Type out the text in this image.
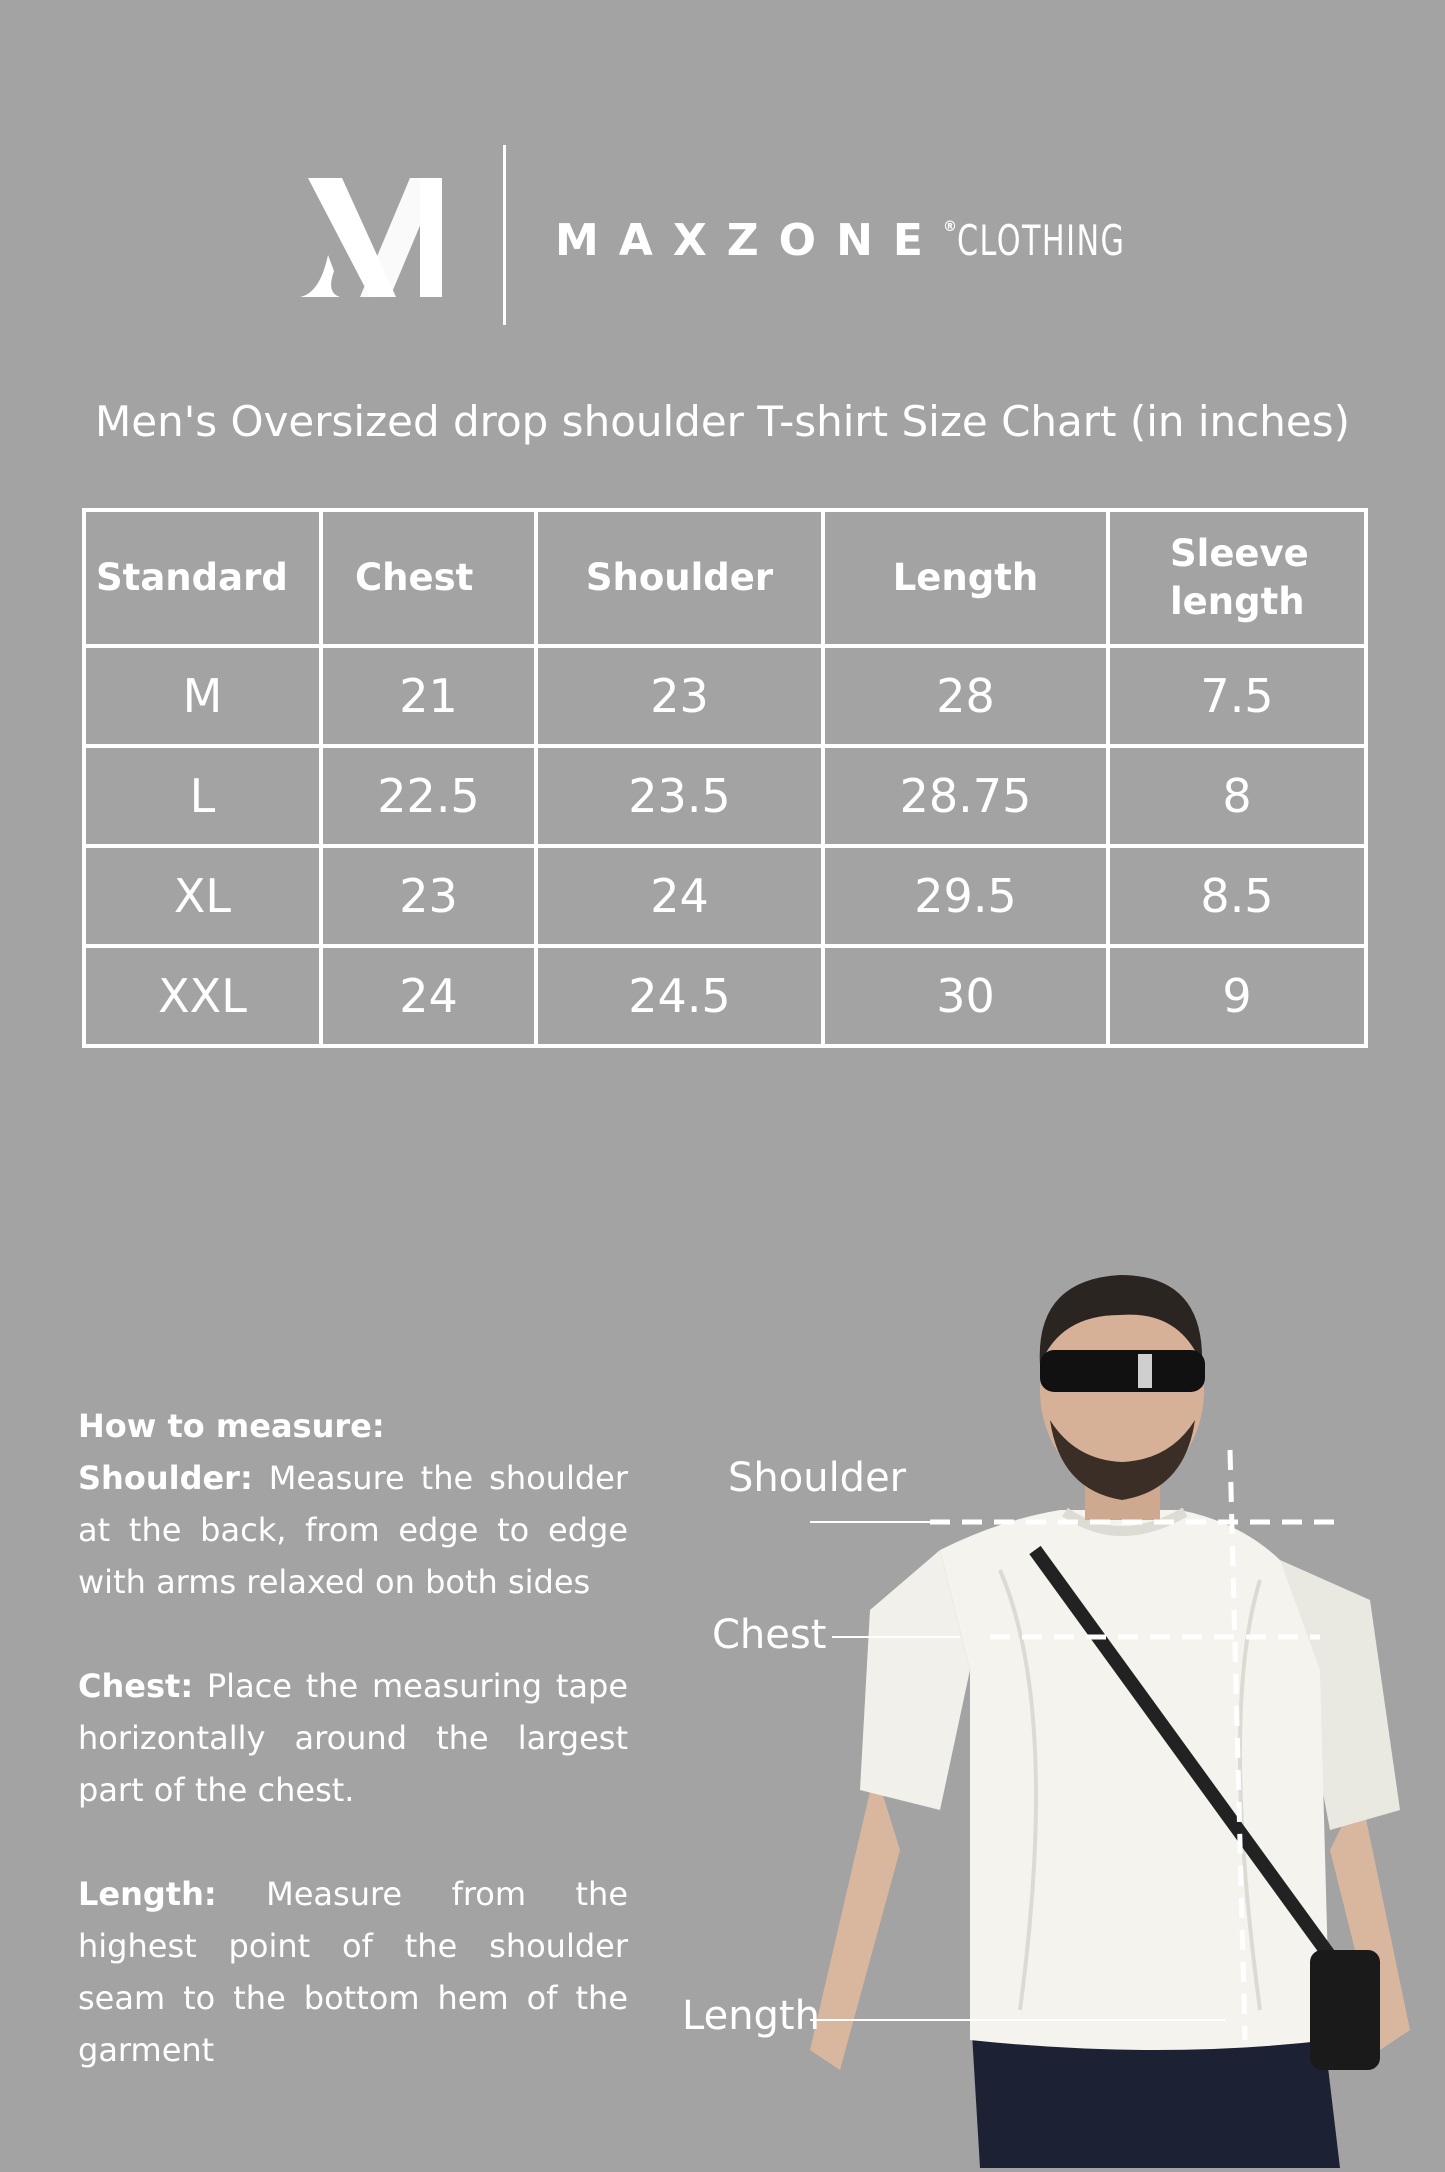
MAXZONE®CLOTHING
Men's Oversized drop shoulder T-shirt Size Chart (in inches)
Standard	Chest	Shoulder	Length	Sleeve length
M	21	23	28	7.5
L	22.5	23.5	28.75	8
XL	23	24	29.5	8.5
XXL	24	24.5	30	9
How to measure:

Shoulder: Measure the shoulder at the back, from edge to edge with arms relaxed on both sides

Chest: Place the measuring tape horizontally around the largest part of the chest.

Length: Measure from the highest point of the shoulder seam to the bottom hem of the garment

Shoulder
Chest
Length
